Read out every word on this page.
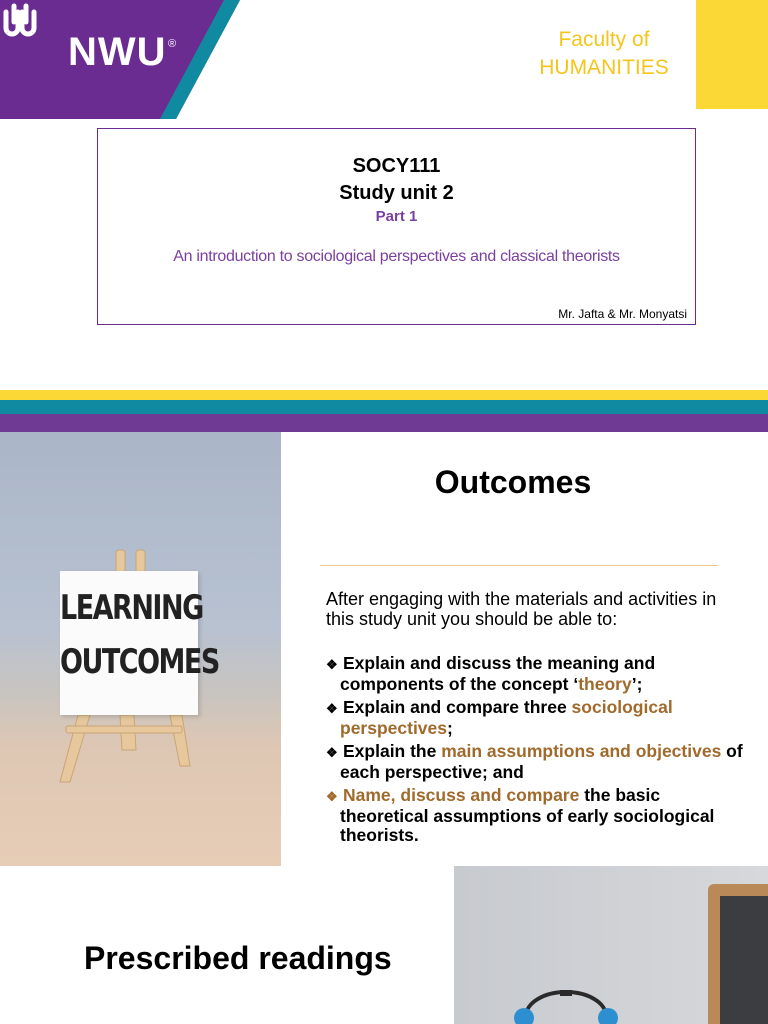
NWU ®	Faculty of
HUMANITIES
SOCY111
Study unit 2
Part 1
An introduction to sociological perspectives and classical theorists
Mr. Jafta & Mr. Monyatsi
LEARNING
OUTCOMES
Outcomes
After engaging with the materials and activities in this study unit you should be able to:
❖ Explain and discuss the meaning and components of the concept ‘theory’;
❖ Explain and compare three sociological perspectives;
❖ Explain the main assumptions and objectives of each perspective; and
❖ Name, discuss and compare the basic theoretical assumptions of early sociological theorists.
Prescribed readings
